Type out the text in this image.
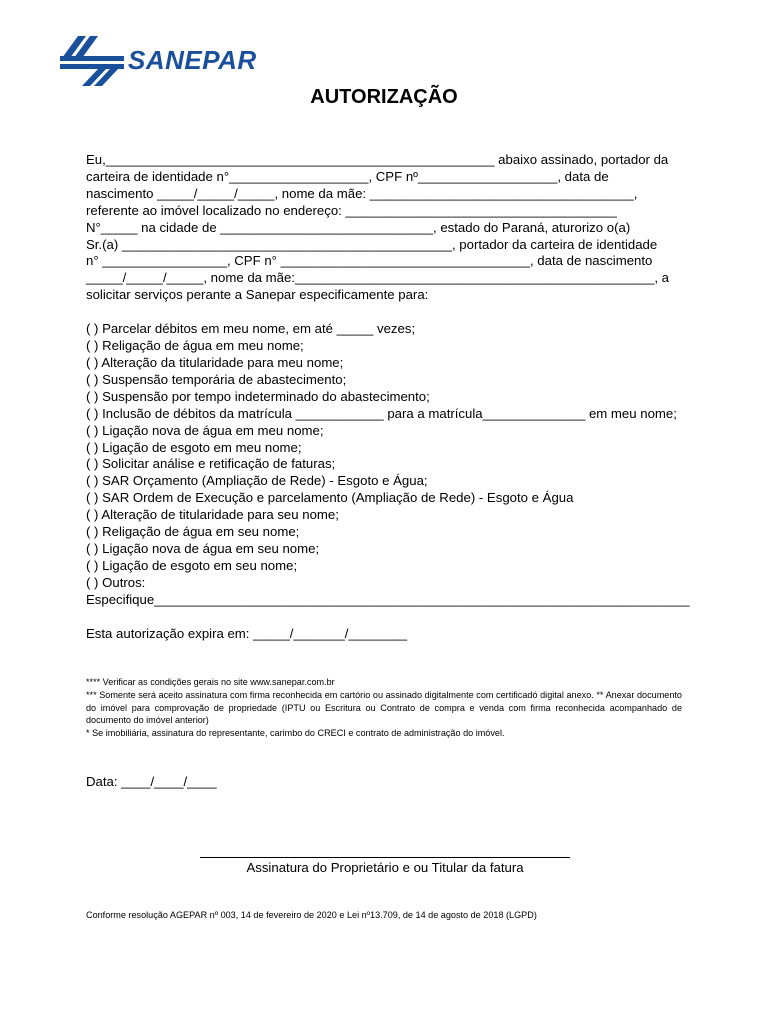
SANEPAR
AUTORIZAÇÃO
Eu,_____________________________________________________ abaixo assinado, portador da
carteira de identidade n°___________________, CPF nº___________________, data de
nascimento _____/_____/_____, nome da mãe: ____________________________________,
referente ao imóvel localizado no endereço: _____________________________________
N°_____ na cidade de _____________________________, estado do Paraná, aturorizo o(a)
Sr.(a) _____________________________________________, portador da carteira de identidade
n° _________________, CPF n° __________________________________, data de nascimento
_____/_____/_____, nome da mãe:_________________________________________________, a
solicitar serviços perante a Sanepar especificamente para:
( ) Parcelar débitos em meu nome, em até _____ vezes;
( ) Religação de água em meu nome;
( ) Alteração da titularidade para meu nome;
( ) Suspensão temporária de abastecimento;
( ) Suspensão por tempo indeterminado do abastecimento;
( ) Inclusão de débitos da matrícula ____________ para a matrícula______________ em meu nome;
( ) Ligação nova de água em meu nome;
( ) Ligação de esgoto em meu nome;
( ) Solicitar análise e retificação de faturas;
( ) SAR Orçamento (Ampliação de Rede) - Esgoto e Água;
( ) SAR Ordem de Execução e parcelamento (Ampliação de Rede) - Esgoto e Água
( ) Alteração de titularidade para seu nome;
( ) Religação de água em seu nome;
( ) Ligação nova de água em seu nome;
( ) Ligação de esgoto em seu nome;
( ) Outros:
Especifique_________________________________________________________________________
Esta autorização expira em: _____/_______/________

**** Verificar as condições gerais no site www.sanepar.com.br

*** Somente será aceito assinatura com firma reconhecida em cartório ou assinado digitalmente com certificadó digital anexo. ** Anexar documento do imóvel para comprovação de propriedade (IPTU ou Escritura ou Contrato de compra e venda com firma reconhecida acompanhado de documento do imóvel anterior)

* Se imobiliária, assinatura do representante, carimbo do CRECI e contrato de administração do imóvel.

Data: ____/____/____
Assinatura do Proprietário e ou Titular da fatura
Conforme resolução AGEPAR nº 003, 14 de fevereiro de 2020 e Lei nº13.709, de 14 de agosto de 2018 (LGPD)
